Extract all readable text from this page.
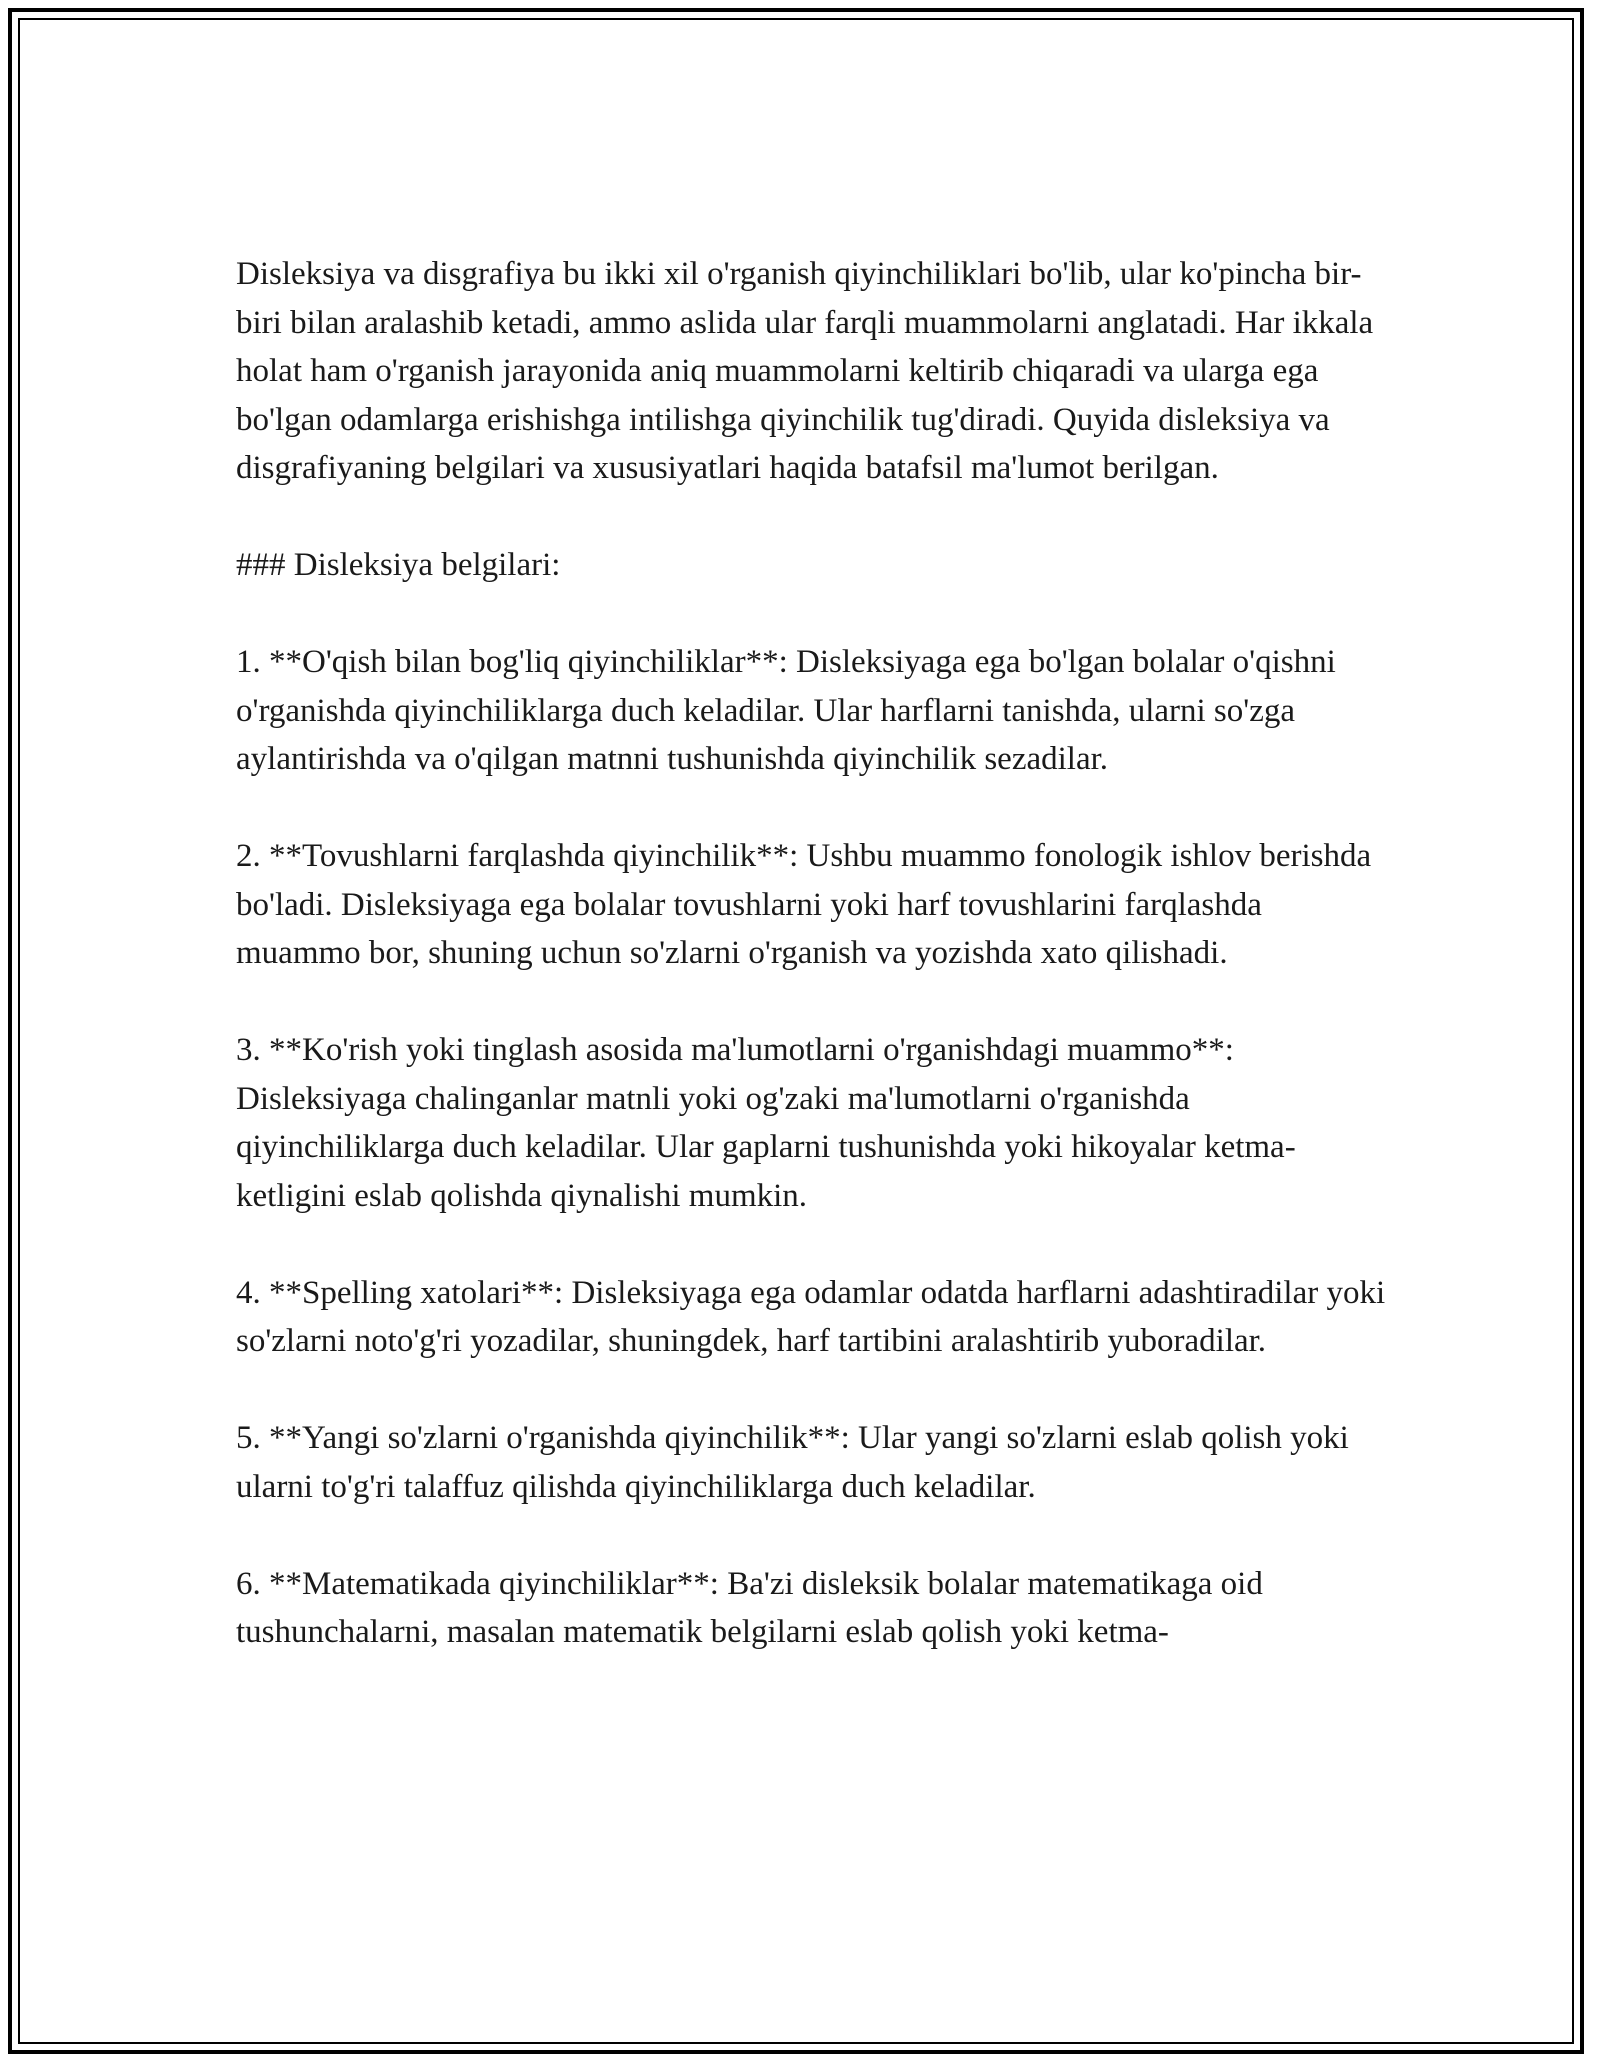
Disleksiya va disgrafiya bu ikki xil o'rganish qiyinchiliklari bo'lib, ular ko'pincha bir-biri bilan aralashib ketadi, ammo aslida ular farqli muammolarni anglatadi. Har ikkala holat ham o'rganish jarayonida aniq muammolarni keltirib chiqaradi va ularga ega bo'lgan odamlarga erishishga intilishga qiyinchilik tug'diradi. Quyida disleksiya va disgrafiyaning belgilari va xususiyatlari haqida batafsil ma'lumot berilgan.

### Disleksiya belgilari:

1. **O'qish bilan bog'liq qiyinchiliklar**: Disleksiyaga ega bo'lgan bolalar o'qishni o'rganishda qiyinchiliklarga duch keladilar. Ular harflarni tanishda, ularni so'zga aylantirishda va o'qilgan matnni tushunishda qiyinchilik sezadilar.

2. **Tovushlarni farqlashda qiyinchilik**: Ushbu muammo fonologik ishlov berishda bo'ladi. Disleksiyaga ega bolalar tovushlarni yoki harf tovushlarini farqlashda muammo bor, shuning uchun so'zlarni o'rganish va yozishda xato qilishadi.

3. **Ko'rish yoki tinglash asosida ma'lumotlarni o'rganishdagi muammo**: Disleksiyaga chalinganlar matnli yoki og'zaki ma'lumotlarni o'rganishda qiyinchiliklarga duch keladilar. Ular gaplarni tushunishda yoki hikoyalar ketma-ketligini eslab qolishda qiynalishi mumkin.

4. **Spelling xatolari**: Disleksiyaga ega odamlar odatda harflarni adashtiradilar yoki so'zlarni noto'g'ri yozadilar, shuningdek, harf tartibini aralashtirib yuboradilar.

5. **Yangi so'zlarni o'rganishda qiyinchilik**: Ular yangi so'zlarni eslab qolish yoki ularni to'g'ri talaffuz qilishda qiyinchiliklarga duch keladilar.

6. **Matematikada qiyinchiliklar**: Ba'zi disleksik bolalar matematikaga oid tushunchalarni, masalan matematik belgilarni eslab qolish yoki ketma-
